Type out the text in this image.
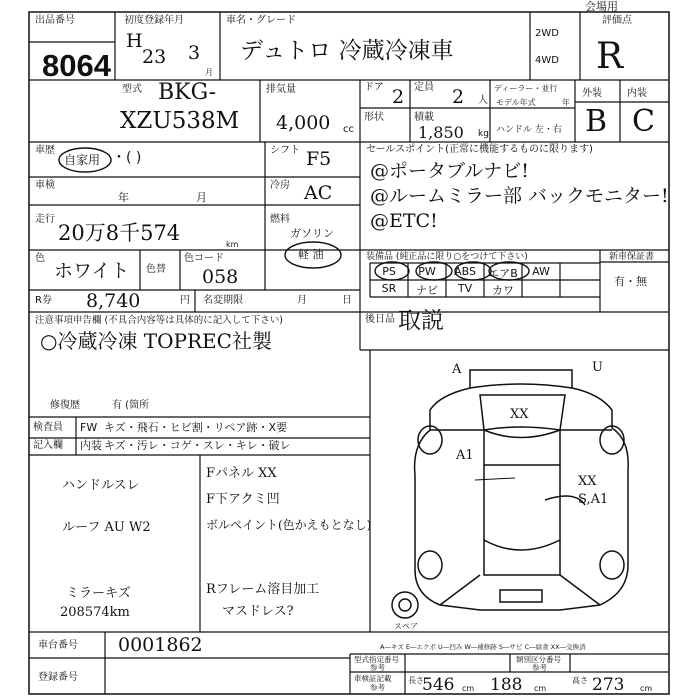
出品番号
8064
初度登録年月
H
23 3
月
車名・グレード
デュトロ 冷蔵冷凍車
2WD
4WD
評価点
R
会場用
型式 BKG-
XZU538M
排気量
4,000 cc
ドア 2 定員 2 人
ディーラー・並行
モデル年式	年
形状	積載
1,850 kg ハンドル 左・右
外装	内装
B C
車歴
自家用 ・( )	シフト F5
車検
年	月
冷房 AC
走行
20万8千574	km
燃料
ガソリン
軽 油
色
ホワイト 色替
色コード
058
R券 8,740	円 名変期限	月	日
セールスポイント(正常に機能するものに限ります)
@ポータブルナビ!
@ルームミラー部 バックモニター!
@ETC!
装備品 (純正品に限り○をつけて下さい)
PS	PW	ABS	エアB	AW
SR	ナビ	TV	カワ
新車保証書
有・無
後日品 取説
注意事項申告欄 (不具合内容等は具体的に記入して下さい)
○冷蔵冷凍 TOPREC社製
修復歴	有 (箇所
検査員
記入欄
FW キズ・飛石・ヒビ割・リペア跡・X要
内装 キズ・汚レ・コゲ・スレ・キレ・破レ
ハンドルスレ
ルーフ AU W2
ミラーキズ
208574km
Fパネル XX
F下アクミ凹
ボルペイント(色かえもとなし)
Rフレーム溶目加工
マスドレス?
A	U
XX
A1
XX
S,A1
スペア
A―キズ E―エクボ U―凹み W―補修跡 S―サビ C―腐食 XX―交換済
車台番号 0001862
登録番号
型式指定番号
参考
類別区分番号
参考
車検証記載
参考
長さ
546 cm 188 cm
高さ 273 cm
